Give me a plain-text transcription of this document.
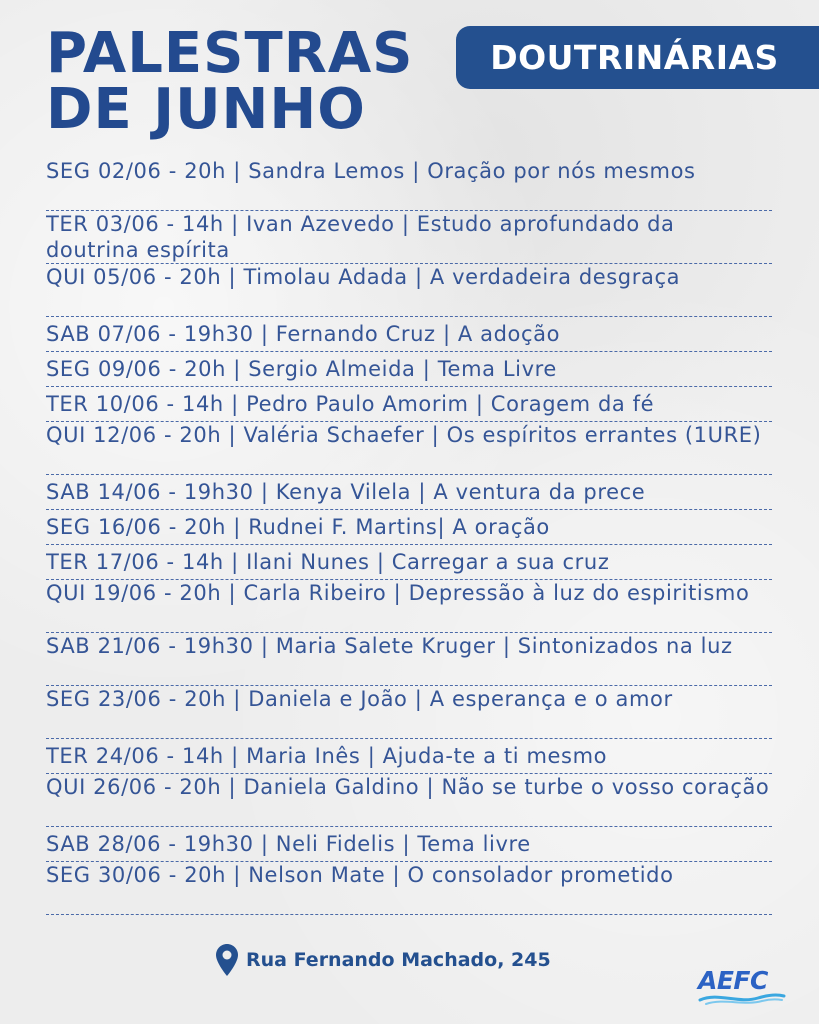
PALESTRAS
DE JUNHO
DOUTRINÁRIAS
SEG 02/06 - 20h | Sandra Lemos | Oração por nós mesmos
TER 03/06 - 14h | Ivan Azevedo | Estudo aprofundado da doutrina espírita
QUI 05/06 - 20h | Timolau Adada | A verdadeira desgraça
SAB 07/06 - 19h30 | Fernando Cruz | A adoção
SEG 09/06 - 20h | Sergio Almeida | Tema Livre
TER 10/06 - 14h | Pedro Paulo Amorim | Coragem da fé
QUI 12/06 - 20h | Valéria Schaefer | Os espíritos errantes (1URE)
SAB 14/06 - 19h30 | Kenya Vilela | A ventura da prece
SEG 16/06 - 20h | Rudnei F. Martins| A oração
TER 17/06 - 14h | Ilani Nunes | Carregar a sua cruz
QUI 19/06 - 20h | Carla Ribeiro | Depressão à luz do espiritismo
SAB 21/06 - 19h30 | Maria Salete Kruger | Sintonizados na luz
SEG 23/06 - 20h | Daniela e João | A esperança e o amor
TER 24/06 - 14h | Maria Inês | Ajuda-te a ti mesmo
QUI 26/06 - 20h | Daniela Galdino | Não se turbe o vosso coração
SAB 28/06 - 19h30 | Neli Fidelis | Tema livre
SEG 30/06 - 20h | Nelson Mate | O consolador prometido
Rua Fernando Machado, 245
AEFC
